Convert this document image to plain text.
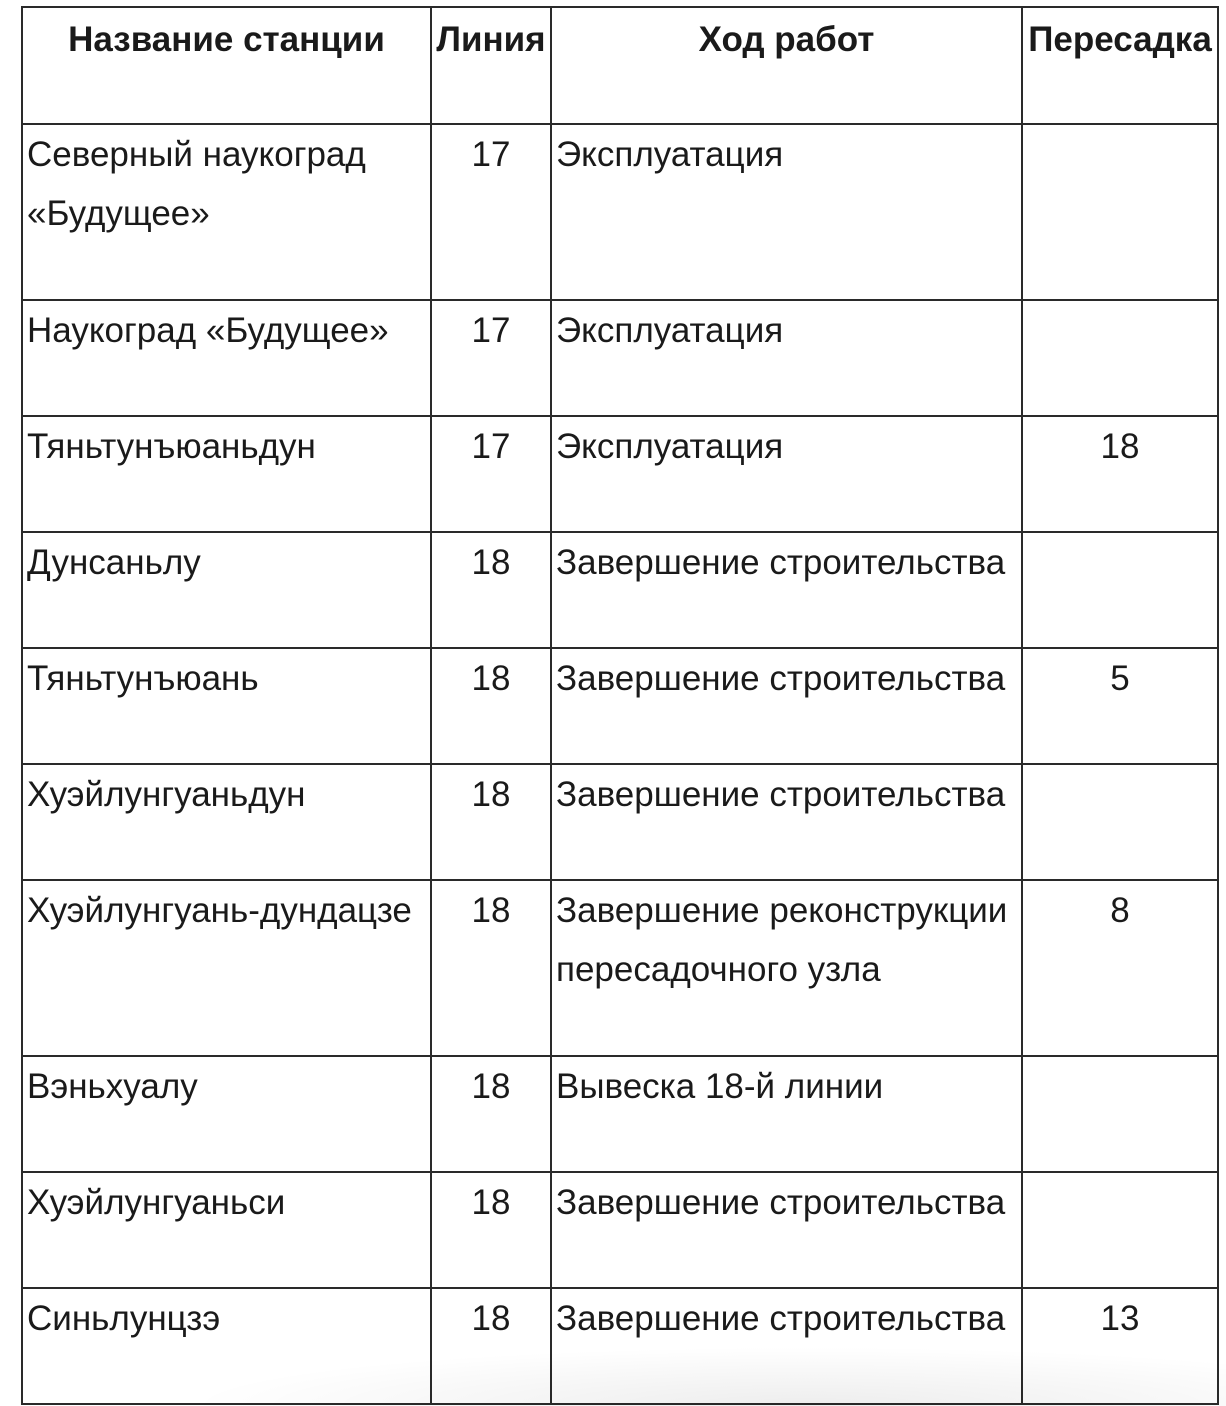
Название станции	Линия	Ход работ	Пересадка
Северный наукоград «Будущее»	17	Эксплуатация	
Наукоград «Будущее»	17	Эксплуатация	
Тяньтунъюаньдун	17	Эксплуатация	18
Дунсаньлу	18	Завершение строительства	
Тяньтунъюань	18	Завершение строительства	5
Хуэйлунгуаньдун	18	Завершение строительства	
Хуэйлунгуань-дундацзе	18	Завершение реконструкции пересадочного узла	8
Вэньхуалу	18	Вывеска 18-й линии	
Хуэйлунгуаньси	18	Завершение строительства	
Синьлунцзэ	18	Завершение строительства	13
